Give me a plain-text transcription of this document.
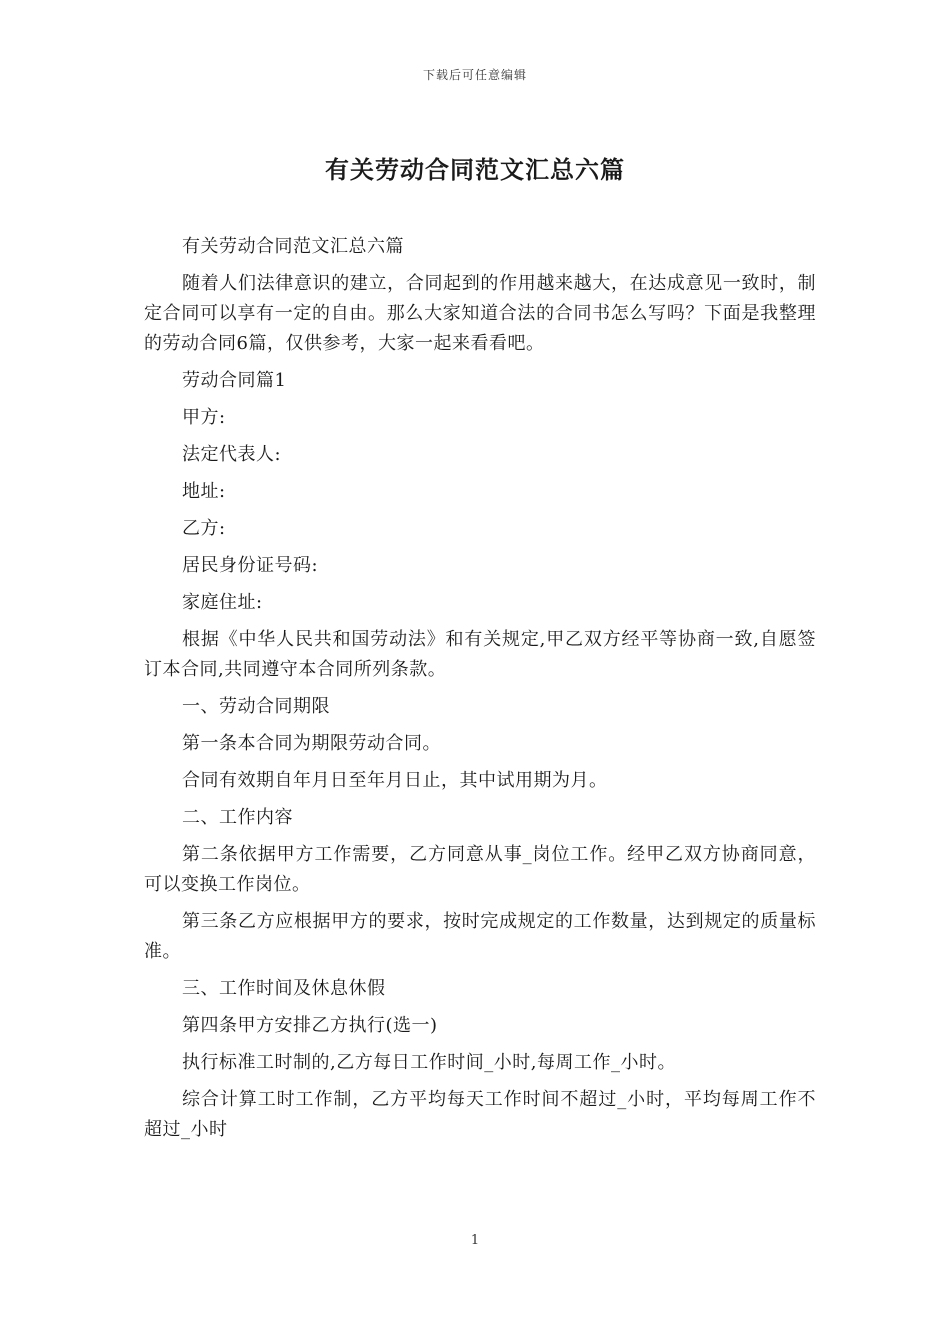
下载后可任意编辑
有关劳动合同范文汇总六篇

有关劳动合同范文汇总六篇

随着人们法律意识的建立，合同起到的作用越来越大，在达成意见一致时，制定合同可以享有一定的自由。那么大家知道合法的合同书怎么写吗？下面是我整理的劳动合同6篇，仅供参考，大家一起来看看吧。

劳动合同篇1

甲方:

法定代表人:

地址:

乙方:

居民身份证号码:

家庭住址:

根据《中华人民共和国劳动法》和有关规定,甲乙双方经平等协商一致,自愿签订本合同,共同遵守本合同所列条款。

一、劳动合同期限

第一条本合同为期限劳动合同。

合同有效期自年月日至年月日止，其中试用期为月。

二、工作内容

第二条依据甲方工作需要，乙方同意从事_岗位工作。经甲乙双方协商同意，可以变换工作岗位。

第三条乙方应根据甲方的要求，按时完成规定的工作数量，达到规定的质量标准。

三、工作时间及休息休假

第四条甲方安排乙方执行(选一)

执行标准工时制的,乙方每日工作时间_小时,每周工作_小时。

综合计算工时工作制，乙方平均每天工作时间不超过_小时，平均每周工作不超过_小时

1
